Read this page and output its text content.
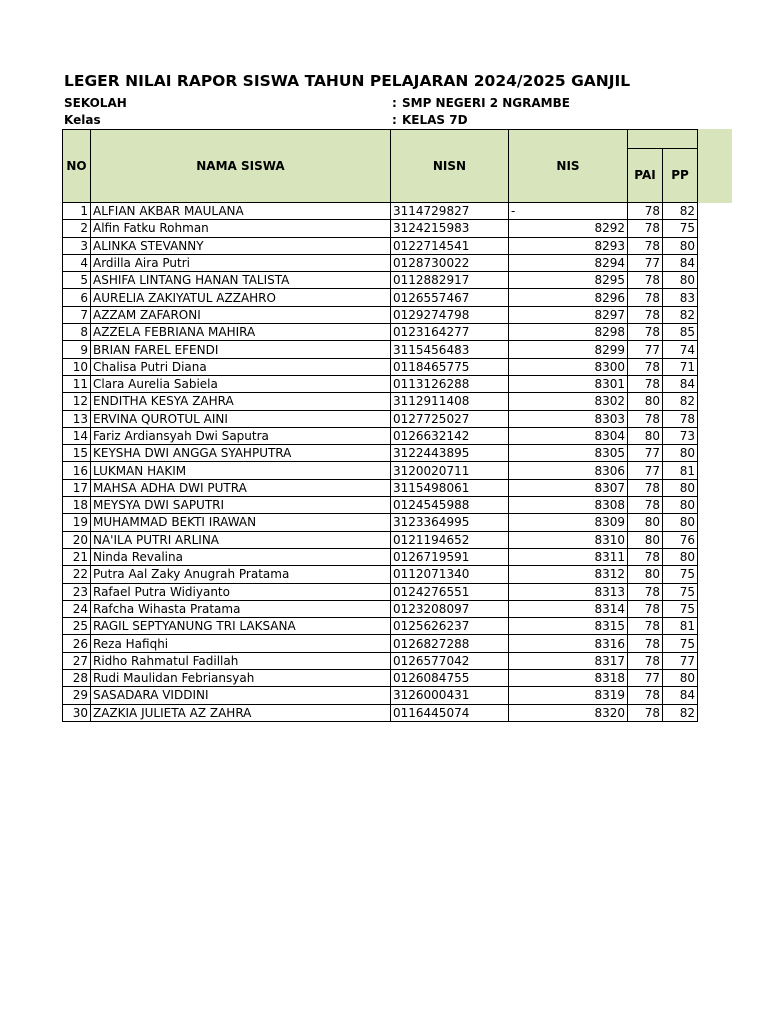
LEGER NILAI RAPOR SISWA TAHUN PELAJARAN 2024/2025 GANJIL
SEKOLAH	: SMP NEGERI 2 NGRAMBE
Kelas	: KELAS 7D
NO	NAMA SISWA	NISN	NIS
PAI	PP
1	ALFIAN AKBAR MAULANA	3114729827	-	78	82
2	Alfin Fatku Rohman	3124215983	8292	78	75
3	ALINKA STEVANNY	0122714541	8293	78	80
4	Ardilla Aira Putri	0128730022	8294	77	84
5	ASHIFA LINTANG HANAN TALISTA	0112882917	8295	78	80
6	AURELIA ZAKIYATUL AZZAHRO	0126557467	8296	78	83
7	AZZAM ZAFARONI	0129274798	8297	78	82
8	AZZELA FEBRIANA MAHIRA	0123164277	8298	78	85
9	BRIAN FAREL EFENDI	3115456483	8299	77	74
10	Chalisa Putri Diana	0118465775	8300	78	71
11	Clara Aurelia Sabiela	0113126288	8301	78	84
12	ENDITHA KESYA ZAHRA	3112911408	8302	80	82
13	ERVINA QUROTUL AINI	0127725027	8303	78	78
14	Fariz Ardiansyah Dwi Saputra	0126632142	8304	80	73
15	KEYSHA DWI ANGGA SYAHPUTRA	3122443895	8305	77	80
16	LUKMAN HAKIM	3120020711	8306	77	81
17	MAHSA ADHA DWI PUTRA	3115498061	8307	78	80
18	MEYSYA DWI SAPUTRI	0124545988	8308	78	80
19	MUHAMMAD BEKTI IRAWAN	3123364995	8309	80	80
20	NA'ILA PUTRI ARLINA	0121194652	8310	80	76
21	Ninda Revalina	0126719591	8311	78	80
22	Putra Aal Zaky Anugrah Pratama	0112071340	8312	80	75
23	Rafael Putra Widiyanto	0124276551	8313	78	75
24	Rafcha Wihasta Pratama	0123208097	8314	78	75
25	RAGIL SEPTYANUNG TRI LAKSANA	0125626237	8315	78	81
26	Reza Hafiqhi	0126827288	8316	78	75
27	Ridho Rahmatul Fadillah	0126577042	8317	78	77
28	Rudi Maulidan Febriansyah	0126084755	8318	77	80
29	SASADARA VIDDINI	3126000431	8319	78	84
30	ZAZKIA JULIETA AZ ZAHRA	0116445074	8320	78	82
